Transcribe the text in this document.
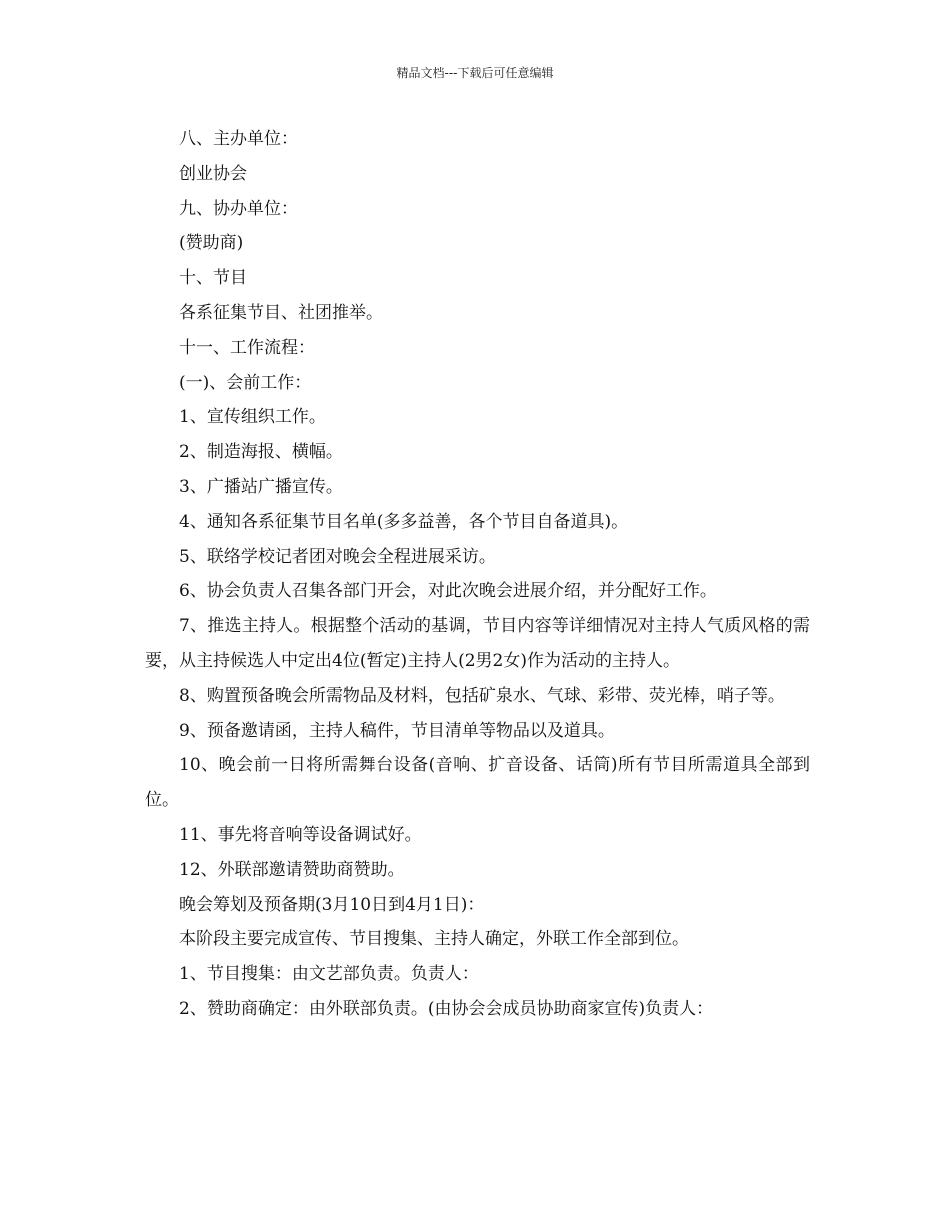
精品文档---下载后可任意编辑

八、主办单位：

创业协会

九、协办单位：

(赞助商)

十、节目

各系征集节目、社团推举。

十一、工作流程：

(一)、会前工作：

1、宣传组织工作。

2、制造海报、横幅。

3、广播站广播宣传。

4、通知各系征集节目名单(多多益善，各个节目自备道具)。

5、联络学校记者团对晚会全程进展采访。

6、协会负责人召集各部门开会，对此次晚会进展介绍，并分配好工作。

7、推选主持人。根据整个活动的基调，节目内容等详细情况对主持人气质风格的需要，从主持候选人中定出4位(暂定)主持人(2男2女)作为活动的主持人。

8、购置预备晚会所需物品及材料，包括矿泉水、气球、彩带、荧光棒，哨子等。

9、预备邀请函，主持人稿件，节目清单等物品以及道具。

10、晚会前一日将所需舞台设备(音响、扩音设备、话筒)所有节目所需道具全部到位。

11、事先将音响等设备调试好。

12、外联部邀请赞助商赞助。

晚会筹划及预备期(3月10日到4月1日)：

本阶段主要完成宣传、节目搜集、主持人确定，外联工作全部到位。

1、节目搜集：由文艺部负责。负责人：

2、赞助商确定：由外联部负责。(由协会会成员协助商家宣传)负责人：
